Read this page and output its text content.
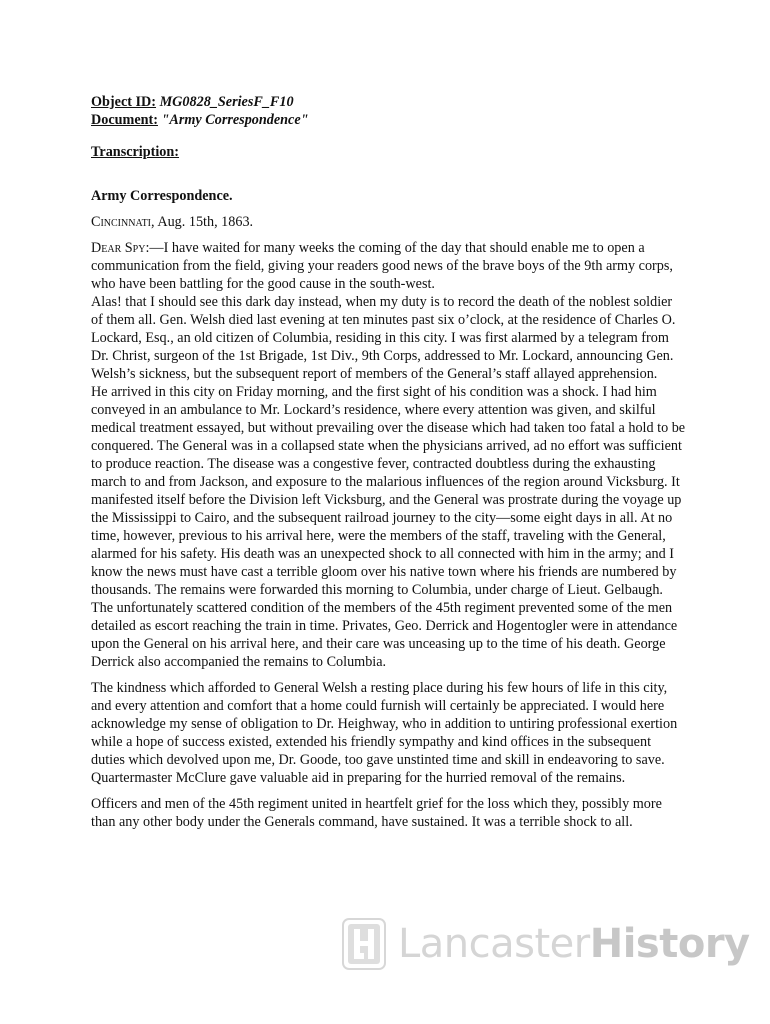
Object ID: MG0828_SeriesF_F10
Document: "Army Correspondence"
Transcription:
Army Correspondence.
Cincinnati, Aug. 15th, 1863.
Dear Spy:—I have waited for many weeks the coming of the day that should enable me to open a communication from the field, giving your readers good news of the brave boys of the 9th army corps, who have been battling for the good cause in the south-west.
Alas! that I should see this dark day instead, when my duty is to record the death of the noblest soldier of them all. Gen. Welsh died last evening at ten minutes past six o’clock, at the residence of Charles O. Lockard, Esq., an old citizen of Columbia, residing in this city. I was first alarmed by a telegram from Dr. Christ, surgeon of the 1st Brigade, 1st Div., 9th Corps, addressed to Mr. Lockard, announcing Gen. Welsh’s sickness, but the subsequent report of members of the General’s staff allayed apprehension.
He arrived in this city on Friday morning, and the first sight of his condition was a shock. I had him conveyed in an ambulance to Mr. Lockard’s residence, where every attention was given, and skilful medical treatment essayed, but without prevailing over the disease which had taken too fatal a hold to be conquered. The General was in a collapsed state when the physicians arrived, ad no effort was sufficient to produce reaction. The disease was a congestive fever, contracted doubtless during the exhausting march to and from Jackson, and exposure to the malarious influences of the region around Vicksburg. It manifested itself before the Division left Vicksburg, and the General was prostrate during the voyage up the Mississippi to Cairo, and the subsequent railroad journey to the city—some eight days in all. At no time, however, previous to his arrival here, were the members of the staff, traveling with the General, alarmed for his safety. His death was an unexpected shock to all connected with him in the army; and I know the news must have cast a terrible gloom over his native town where his friends are numbered by thousands. The remains were forwarded this morning to Columbia, under charge of Lieut. Gelbaugh. The unfortunately scattered condition of the members of the 45th regiment prevented some of the men detailed as escort reaching the train in time. Privates, Geo. Derrick and Hogentogler were in attendance upon the General on his arrival here, and their care was unceasing up to the time of his death. George Derrick also accompanied the remains to Columbia.
The kindness which afforded to General Welsh a resting place during his few hours of life in this city, and every attention and comfort that a home could furnish will certainly be appreciated. I would here acknowledge my sense of obligation to Dr. Heighway, who in addition to untiring professional exertion while a hope of success existed, extended his friendly sympathy and kind offices in the subsequent duties which devolved upon me, Dr. Goode, too gave unstinted time and skill in endeavoring to save. Quartermaster McClure gave valuable aid in preparing for the hurried removal of the remains.
Officers and men of the 45th regiment united in heartfelt grief for the loss which they, possibly more than any other body under the Generals command, have sustained. It was a terrible shock to all.
LancasterHistory
